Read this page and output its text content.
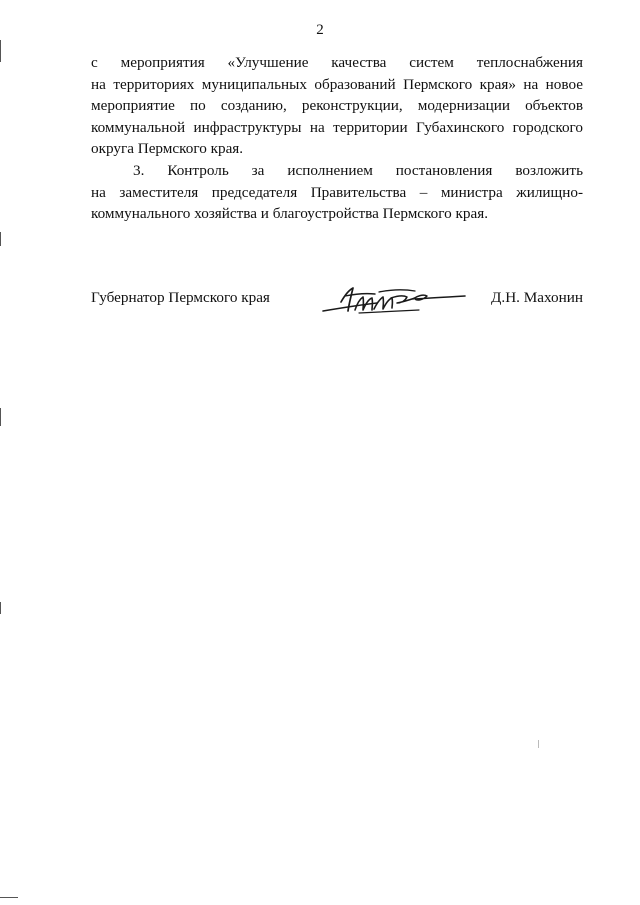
2

с мероприятия «Улучшение качества систем теплоснабжения
на территориях муниципальных образований Пермского края» на новое
мероприятие по созданию, реконструкции, модернизации объектов
коммунальной инфраструктуры на территории Губахинского городского
округа Пермского края.

3. Контроль за исполнением постановления возложить
на заместителя председателя Правительства – министра жилищно-
коммунального хозяйства и благоустройства Пермского края.

Губернатор Пермского края	Д.Н. Махонин
